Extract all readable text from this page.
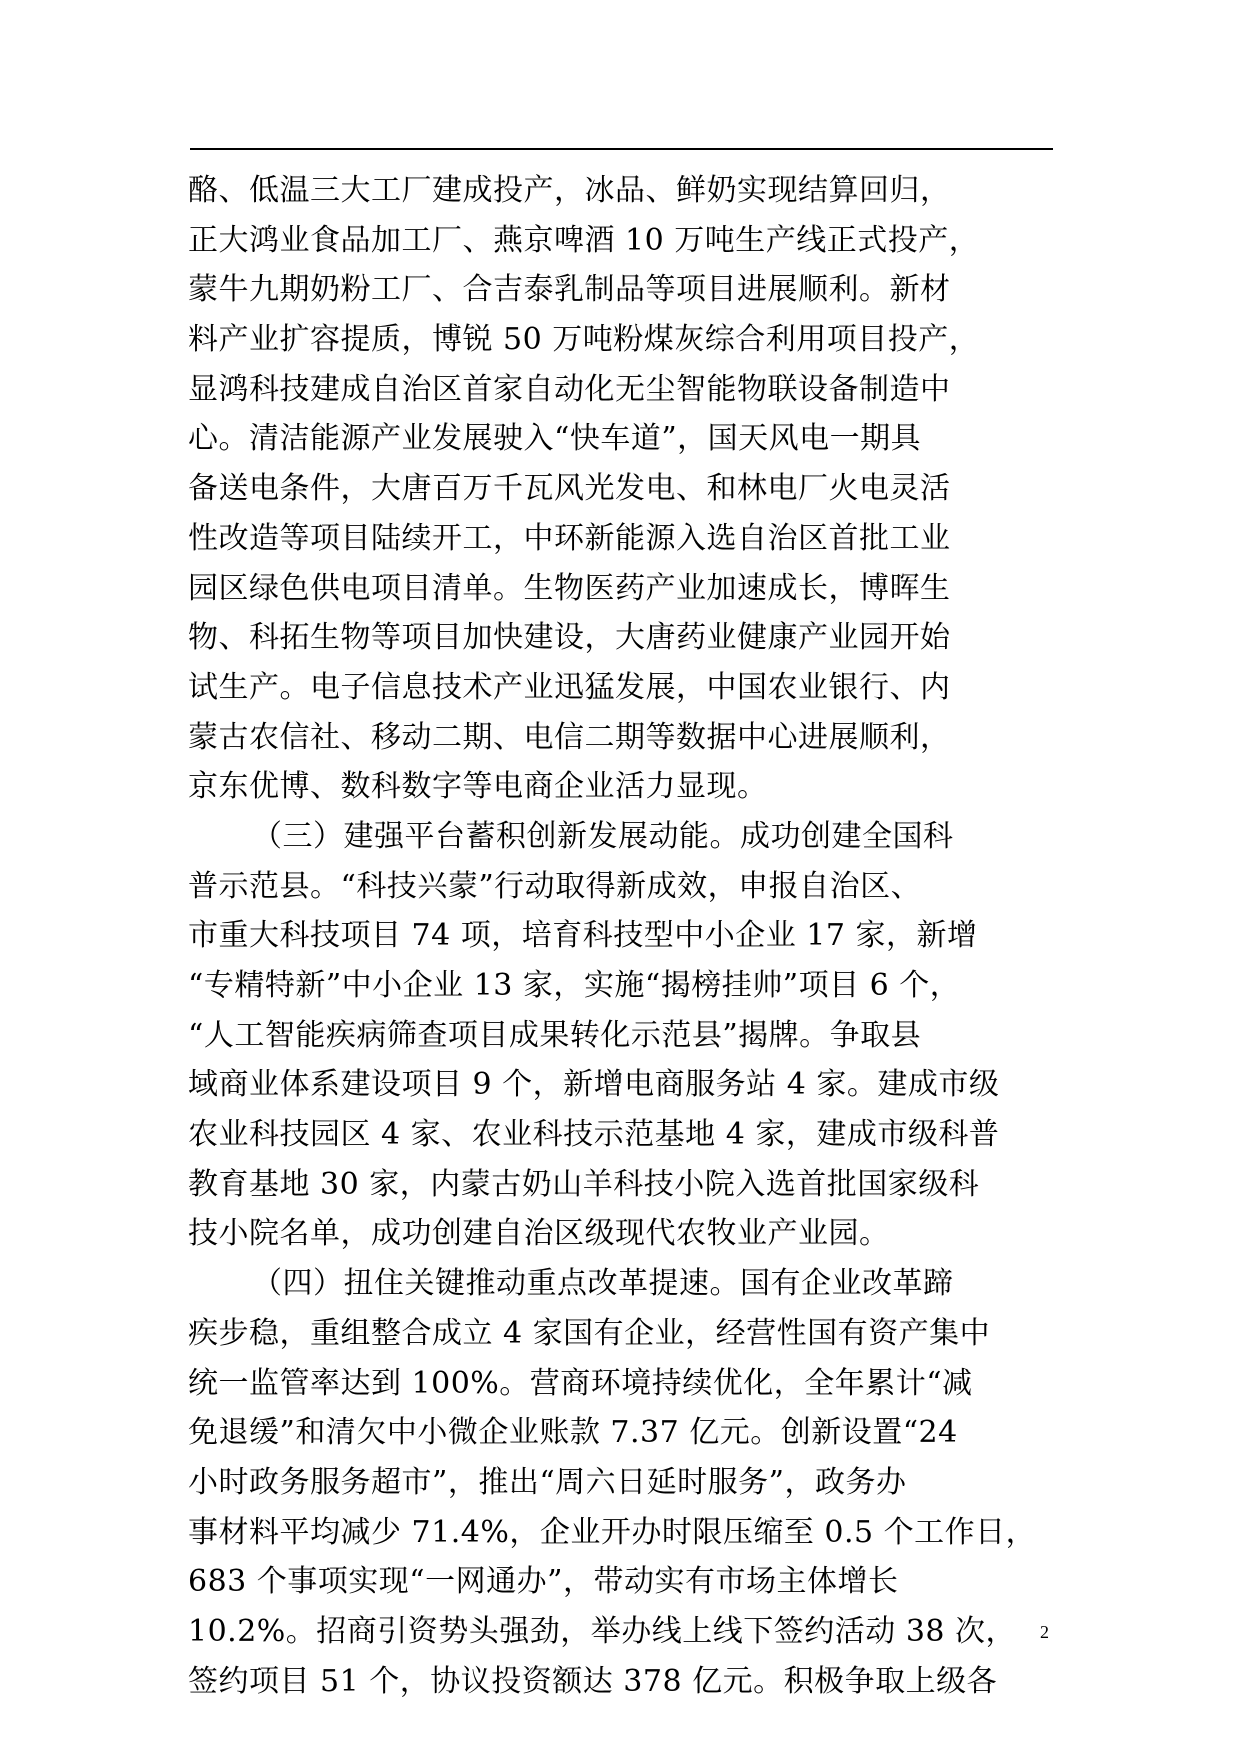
酪、低温三大工厂建成投产，冰品、鲜奶实现结算回归，
正大鸿业食品加工厂、燕京啤酒 10 万吨生产线正式投产，
蒙牛九期奶粉工厂、合吉泰乳制品等项目进展顺利。新材
料产业扩容提质，博锐 50 万吨粉煤灰综合利用项目投产，
显鸿科技建成自治区首家自动化无尘智能物联设备制造中
心。清洁能源产业发展驶入“快车道”，国天风电一期具
备送电条件，大唐百万千瓦风光发电、和林电厂火电灵活
性改造等项目陆续开工，中环新能源入选自治区首批工业
园区绿色供电项目清单。生物医药产业加速成长，博晖生
物、科拓生物等项目加快建设，大唐药业健康产业园开始
试生产。电子信息技术产业迅猛发展，中国农业银行、内
蒙古农信社、移动二期、电信二期等数据中心进展顺利，
京东优博、数科数字等电商企业活力显现。
（三）建强平台蓄积创新发展动能。成功创建全国科
普示范县。“科技兴蒙”行动取得新成效，申报自治区、
市重大科技项目 74 项，培育科技型中小企业 17 家，新增
“专精特新”中小企业 13 家，实施“揭榜挂帅”项目 6 个，
“人工智能疾病筛查项目成果转化示范县”揭牌。争取县
域商业体系建设项目 9 个，新增电商服务站 4 家。建成市级
农业科技园区 4 家、农业科技示范基地 4 家，建成市级科普
教育基地 30 家，内蒙古奶山羊科技小院入选首批国家级科
技小院名单，成功创建自治区级现代农牧业产业园。
（四）扭住关键推动重点改革提速。国有企业改革蹄
疾步稳，重组整合成立 4 家国有企业，经营性国有资产集中
统一监管率达到 100%。营商环境持续优化，全年累计“减
免退缓”和清欠中小微企业账款 7.37 亿元。创新设置“24
小时政务服务超市”，推出“周六日延时服务”，政务办
事材料平均减少 71.4%，企业开办时限压缩至 0.5 个工作日，
683 个事项实现“一网通办”，带动实有市场主体增长
10.2%。招商引资势头强劲，举办线上线下签约活动 38 次，
签约项目 51 个，协议投资额达 378 亿元。积极争取上级各
2
